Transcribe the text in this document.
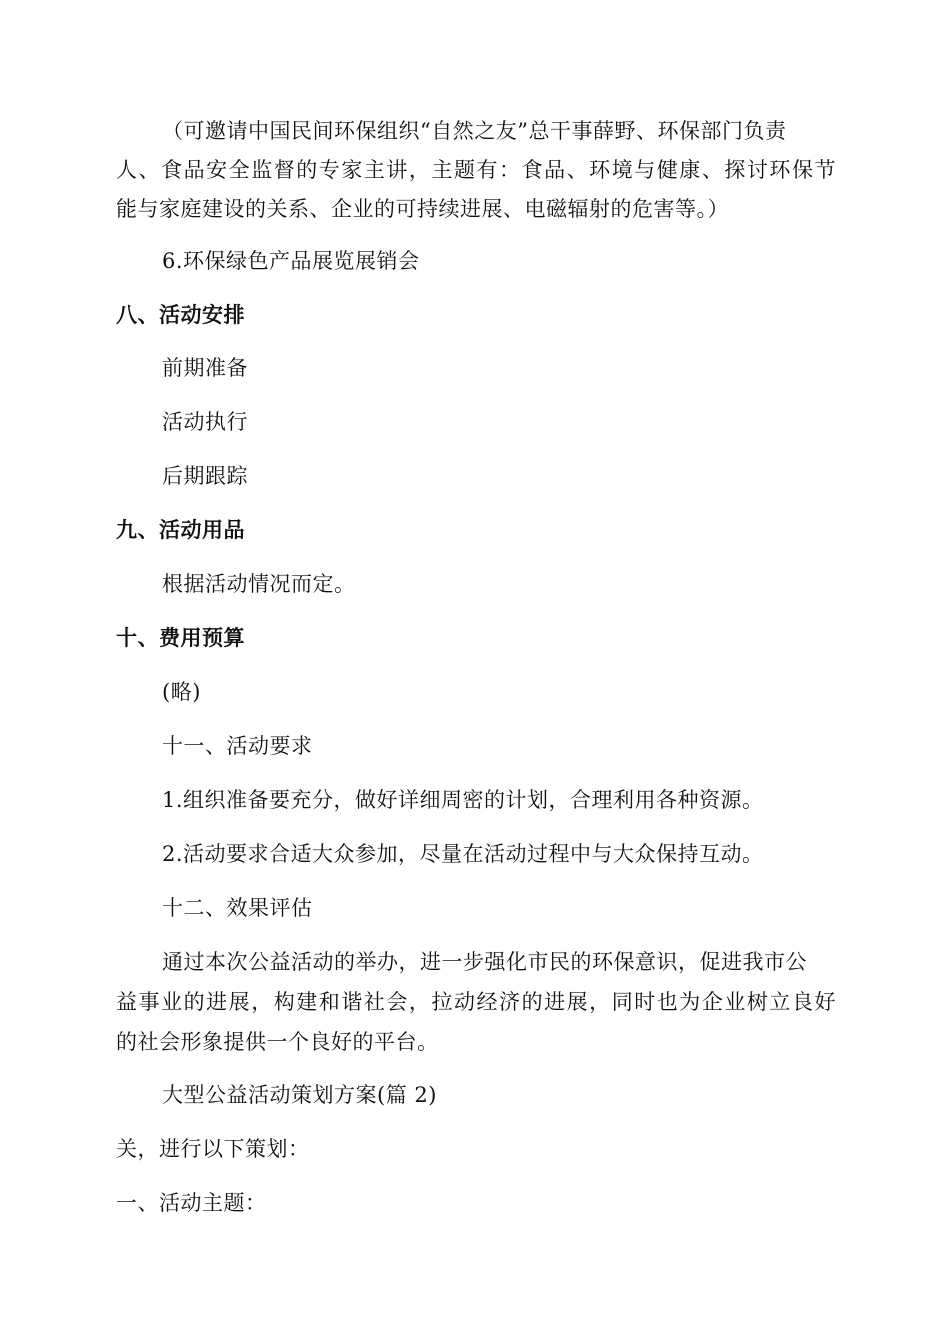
（可邀请中国民间环保组织“自然之友”总干事薛野、环保部门负责
人、食品安全监督的专家主讲，主题有：食品、环境与健康、探讨环保节
能与家庭建设的关系、企业的可持续进展、电磁辐射的危害等。）
6.环保绿色产品展览展销会
八、活动安排
前期准备
活动执行
后期跟踪
九、活动用品
根据活动情况而定。
十、费用预算
(略)
十一、活动要求
1.组织准备要充分，做好详细周密的计划，合理利用各种资源。
2.活动要求合适大众参加，尽量在活动过程中与大众保持互动。
十二、效果评估
通过本次公益活动的举办，进一步强化市民的环保意识，促进我市公
益事业的进展，构建和谐社会，拉动经济的进展，同时也为企业树立良好
的社会形象提供一个良好的平台。
大型公益活动策划方案(篇 2)
关，进行以下策划：
一、活动主题：
